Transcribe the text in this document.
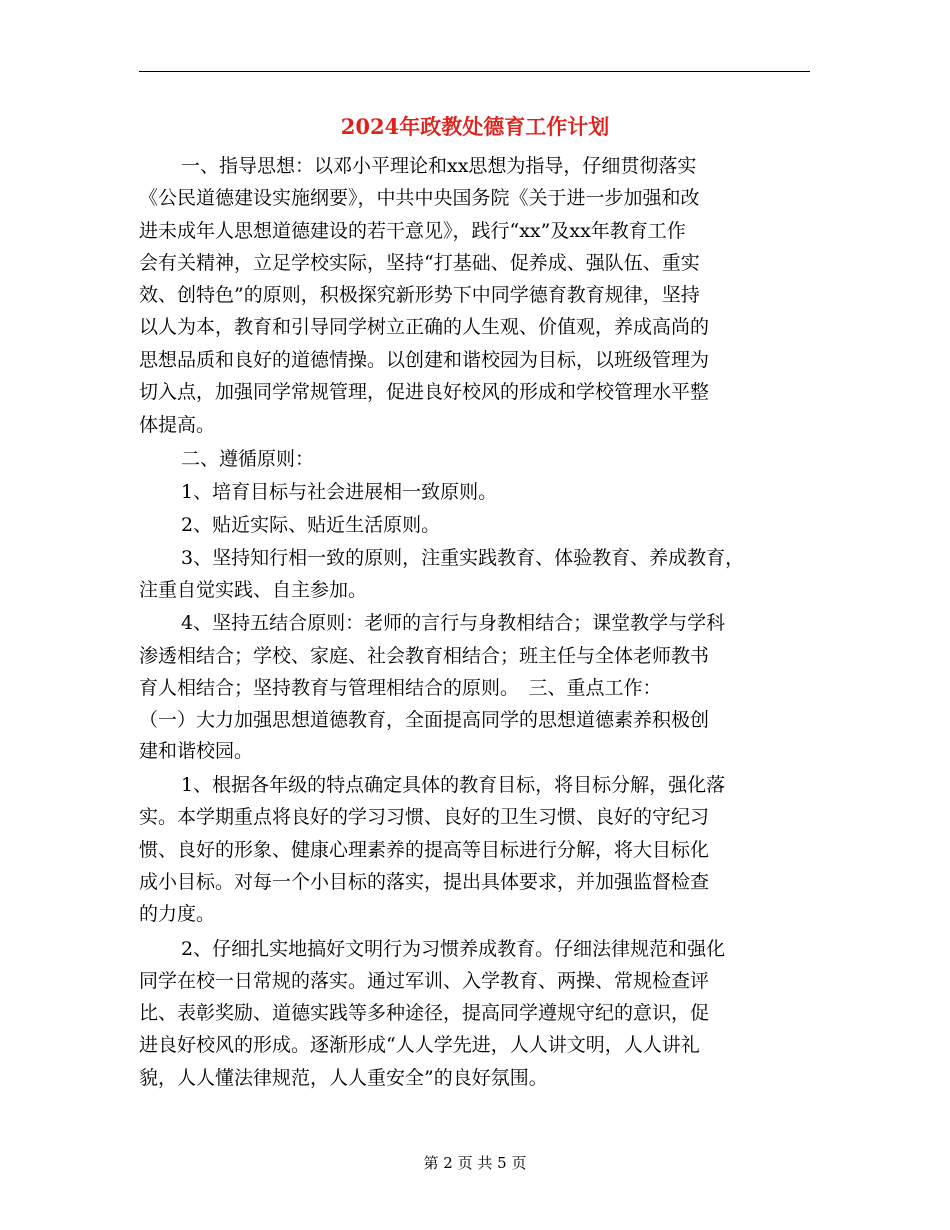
2024年政教处德育工作计划
一、指导思想：以邓小平理论和xx思想为指导，仔细贯彻落实
《公民道德建设实施纲要》，中共中央国务院《关于进一步加强和改
进未成年人思想道德建设的若干意见》，践行“xx”及xx年教育工作
会有关精神，立足学校实际，坚持“打基础、促养成、强队伍、重实
效、创特色”的原则，积极探究新形势下中同学德育教育规律，坚持
以人为本，教育和引导同学树立正确的人生观、价值观，养成高尚的
思想品质和良好的道德情操。以创建和谐校园为目标，以班级管理为
切入点，加强同学常规管理，促进良好校风的形成和学校管理水平整
体提高。
二、遵循原则：
1、培育目标与社会进展相一致原则。
2、贴近实际、贴近生活原则。
3、坚持知行相一致的原则，注重实践教育、体验教育、养成教育，
注重自觉实践、自主参加。
4、坚持五结合原则：老师的言行与身教相结合；课堂教学与学科
渗透相结合；学校、家庭、社会教育相结合；班主任与全体老师教书
育人相结合；坚持教育与管理相结合的原则。　三、重点工作：
（一）大力加强思想道德教育，全面提高同学的思想道德素养积极创
建和谐校园。
1、根据各年级的特点确定具体的教育目标，将目标分解，强化落
实。本学期重点将良好的学习习惯、良好的卫生习惯、良好的守纪习
惯、良好的形象、健康心理素养的提高等目标进行分解，将大目标化
成小目标。对每一个小目标的落实，提出具体要求，并加强监督检查
的力度。
2、仔细扎实地搞好文明行为习惯养成教育。仔细法律规范和强化
同学在校一日常规的落实。通过军训、入学教育、两操、常规检查评
比、表彰奖励、道德实践等多种途径，提高同学遵规守纪的意识，促
进良好校风的形成。逐渐形成“人人学先进，人人讲文明，人人讲礼
貌，人人懂法律规范，人人重安全”的良好氛围。
第 2 页 共 5 页
